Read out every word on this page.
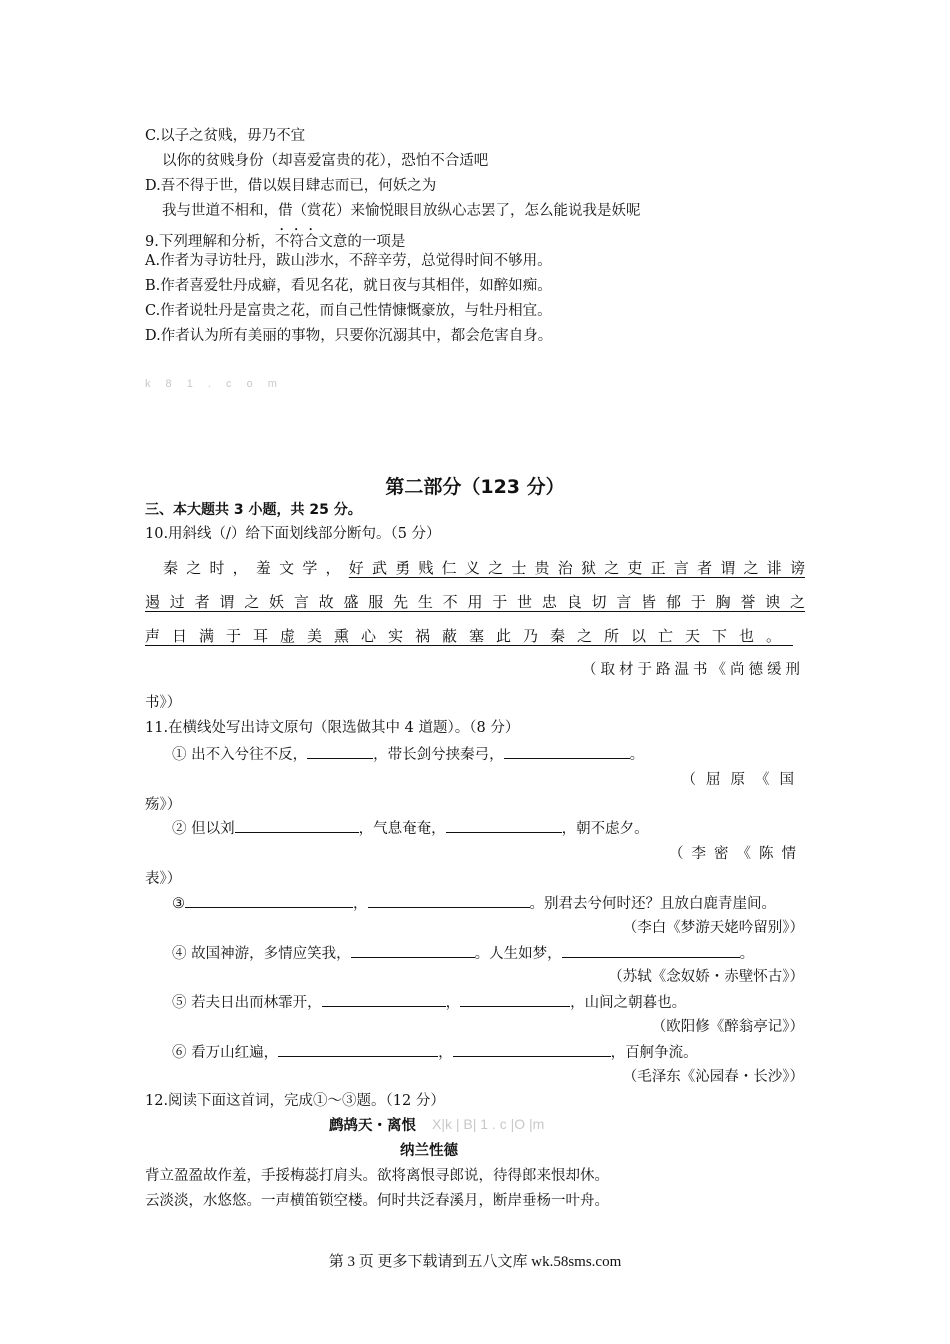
C.以子之贫贱，毋乃不宜
以你的贫贱身份（却喜爱富贵的花），恐怕不合适吧
D.吾不得于世，借以娱目肆志而已，何妖之为
我与世道不相和，借（赏花）来愉悦眼目放纵心志罢了，怎么能说我是妖呢
9.下列理解和分析，不符合文意的一项是
A.作者为寻访牡丹，跋山涉水，不辞辛劳，总觉得时间不够用。
B.作者喜爱牡丹成癖，看见名花，就日夜与其相伴，如醉如痴。
C.作者说牡丹是富贵之花，而自己性情慷慨豪放，与牡丹相宜。
D.作者认为所有美丽的事物，只要你沉溺其中，都会危害自身。
k 8 1 . c o m
第二部分（123 分）
三、本大题共 3 小题，共 25 分。
10.用斜线（/）给下面划线部分断句。（5 分）
秦之时，羞文学，好武勇贱仁义之士贵治狱之吏正言者谓之诽谤
遏过者谓之妖言故盛服先生不用于世忠良切言皆郁于胸誉谀之
声日满于耳虚美熏心实祸蔽塞此乃秦之所以亡天下也。
（取材于路温书《尚德缓刑
书》）
11.在横线处写出诗文原句（限选做其中 4 道题）。（8 分）
① 出不入兮往不反，	，带长剑兮挟秦弓，	。
（屈原《国
殇》）
② 但以刘	，气息奄奄，	，朝不虑夕。
（李密《陈情
表》）
③	，	。别君去兮何时还？且放白鹿青崖间。
（李白《梦游天姥吟留别》）
④ 故国神游，多情应笑我，	。人生如梦，	。
（苏轼《念奴娇・赤壁怀古》）
⑤ 若夫日出而林霏开，	，	，山间之朝暮也。
（欧阳修《醉翁亭记》）
⑥ 看万山红遍，	，	，百舸争流。
（毛泽东《沁园春・长沙》）
12.阅读下面这首词，完成①～③题。（12 分）
鹧鸪天・离恨 X|k | B| 1 . c |O |m
纳兰性德
背立盈盈故作羞，手挼梅蕊打肩头。欲将离恨寻郎说，待得郎来恨却休。
云淡淡，水悠悠。一声横笛锁空楼。何时共泛春溪月，断岸垂杨一叶舟。
第 3 页 更多下载请到五八文库 wk.58sms.com
